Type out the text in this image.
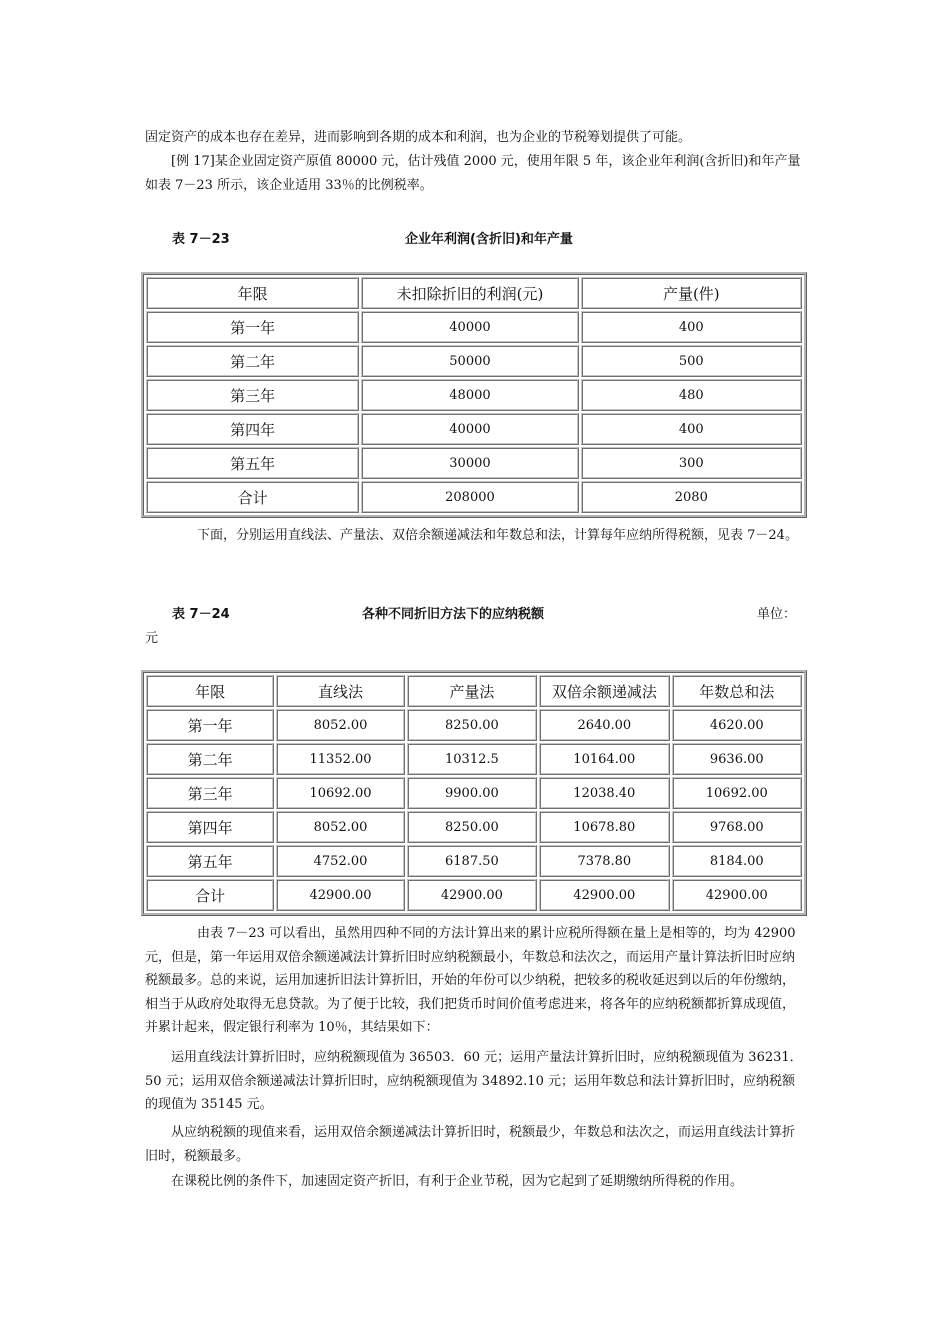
固定资产的成本也存在差异，进而影响到各期的成本和利润，也为企业的节税筹划提供了可能。
[例 17]某企业固定资产原值 80000 元，估计残值 2000 元，使用年限 5 年，该企业年利润(含折旧)和年产量如表 7－23 所示，该企业适用 33％的比例税率。
表 7－23	企业年利润(含折旧)和年产量
年限	未扣除折旧的利润(元)	产量(件)
第一年	40000	400
第二年	50000	500
第三年	48000	480
第四年	40000	400
第五年	30000	300
合计	208000	2080
下面，分别运用直线法、产量法、双倍余额递减法和年数总和法，计算每年应纳所得税额，见表 7－24。
表 7－24	各种不同折旧方法下的应纳税额	单位：
元
年限	直线法	产量法	双倍余额递减法	年数总和法
第一年	8052.00	8250.00	2640.00	4620.00
第二年	11352.00	10312.5	10164.00	9636.00
第三年	10692.00	9900.00	12038.40	10692.00
第四年	8052.00	8250.00	10678.80	9768.00
第五年	4752.00	6187.50	7378.80	8184.00
合计	42900.00	42900.00	42900.00	42900.00
由表 7－23 可以看出，虽然用四种不同的方法计算出来的累计应税所得额在量上是相等的，均为 42900 元，但是，第一年运用双倍余额递减法计算折旧时应纳税额最小，年数总和法次之，而运用产量计算法折旧时应纳税额最多。总的来说，运用加速折旧法计算折旧，开始的年份可以少纳税，把较多的税收延迟到以后的年份缴纳，相当于从政府处取得无息贷款。为了便于比较，我们把货币时间价值考虑进来，将各年的应纳税额都折算成现值，并累计起来，假定银行利率为 10％，其结果如下：
运用直线法计算折旧时，应纳税额现值为 36503．60 元；运用产量法计算折旧时，应纳税额现值为 36231．50 元；运用双倍余额递减法计算折旧时，应纳税额现值为 34892.10 元；运用年数总和法计算折旧时，应纳税额的现值为 35145 元。
从应纳税额的现值来看，运用双倍余额递减法计算折旧时，税额最少，年数总和法次之，而运用直线法计算折旧时，税额最多。
在课税比例的条件下，加速固定资产折旧，有利于企业节税，因为它起到了延期缴纳所得税的作用。
